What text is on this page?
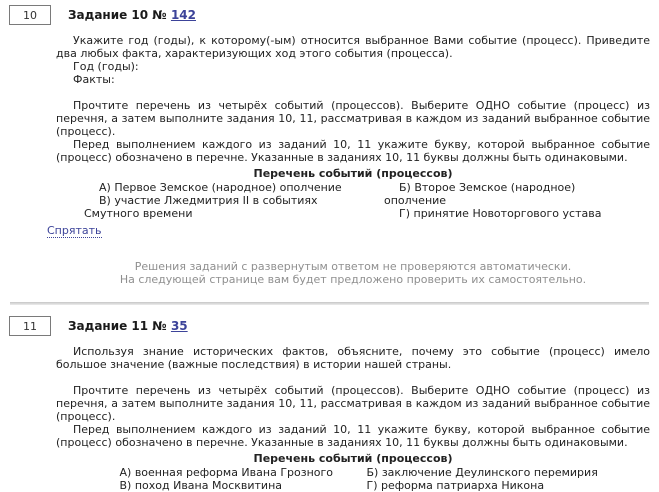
10	Задание 10 № 142

Укажите год (годы), к которому(-ым) относится выбранное Вами событие (процесс). Приведите два любых факта, характеризующих ход этого события (процесса).

Год (годы):

Факты:

Прочтите перечень из четырёх событий (процессов). Выберите ОДНО событие (процесс) из перечня, а затем выполните задания 10, 11, рассматривая в каждом из заданий выбранное событие (процесс).

Перед выполнением каждого из заданий 10, 11 укажите букву, которой выбранное событие (процесс) обозначено в перечне. Указанные в заданиях 10, 11 буквы должны быть одинаковыми.

Перечень событий (процессов)

А) Первое Земское (народное) ополчение

В) участие Лжедмитрия II в событиях Смутного времени

Б) Второе Земское (народное) ополчение

Г) принятие Новоторгового устава

Спрятать
Решения заданий с развернутым ответом не проверяются автоматически.
На следующей странице вам будет предложено проверить их самостоятельно.
11	Задание 11 № 35

Используя знание исторических фактов, объясните, почему это событие (процесс) имело большое значение (важные последствия) в истории нашей страны.

Прочтите перечень из четырёх событий (процессов). Выберите ОДНО событие (процесс) из перечня, а затем выполните задания 10, 11, рассматривая в каждом из заданий выбранное событие (процесс).

Перед выполнением каждого из заданий 10, 11 укажите букву, которой выбранное событие (процесс) обозначено в перечне. Указанные в заданиях 10, 11 буквы должны быть одинаковыми.

Перечень событий (процессов)

А) военная реформа Ивана Грозного

В) поход Ивана Москвитина

Б) заключение Деулинского перемирия

Г) реформа патриарха Никона
